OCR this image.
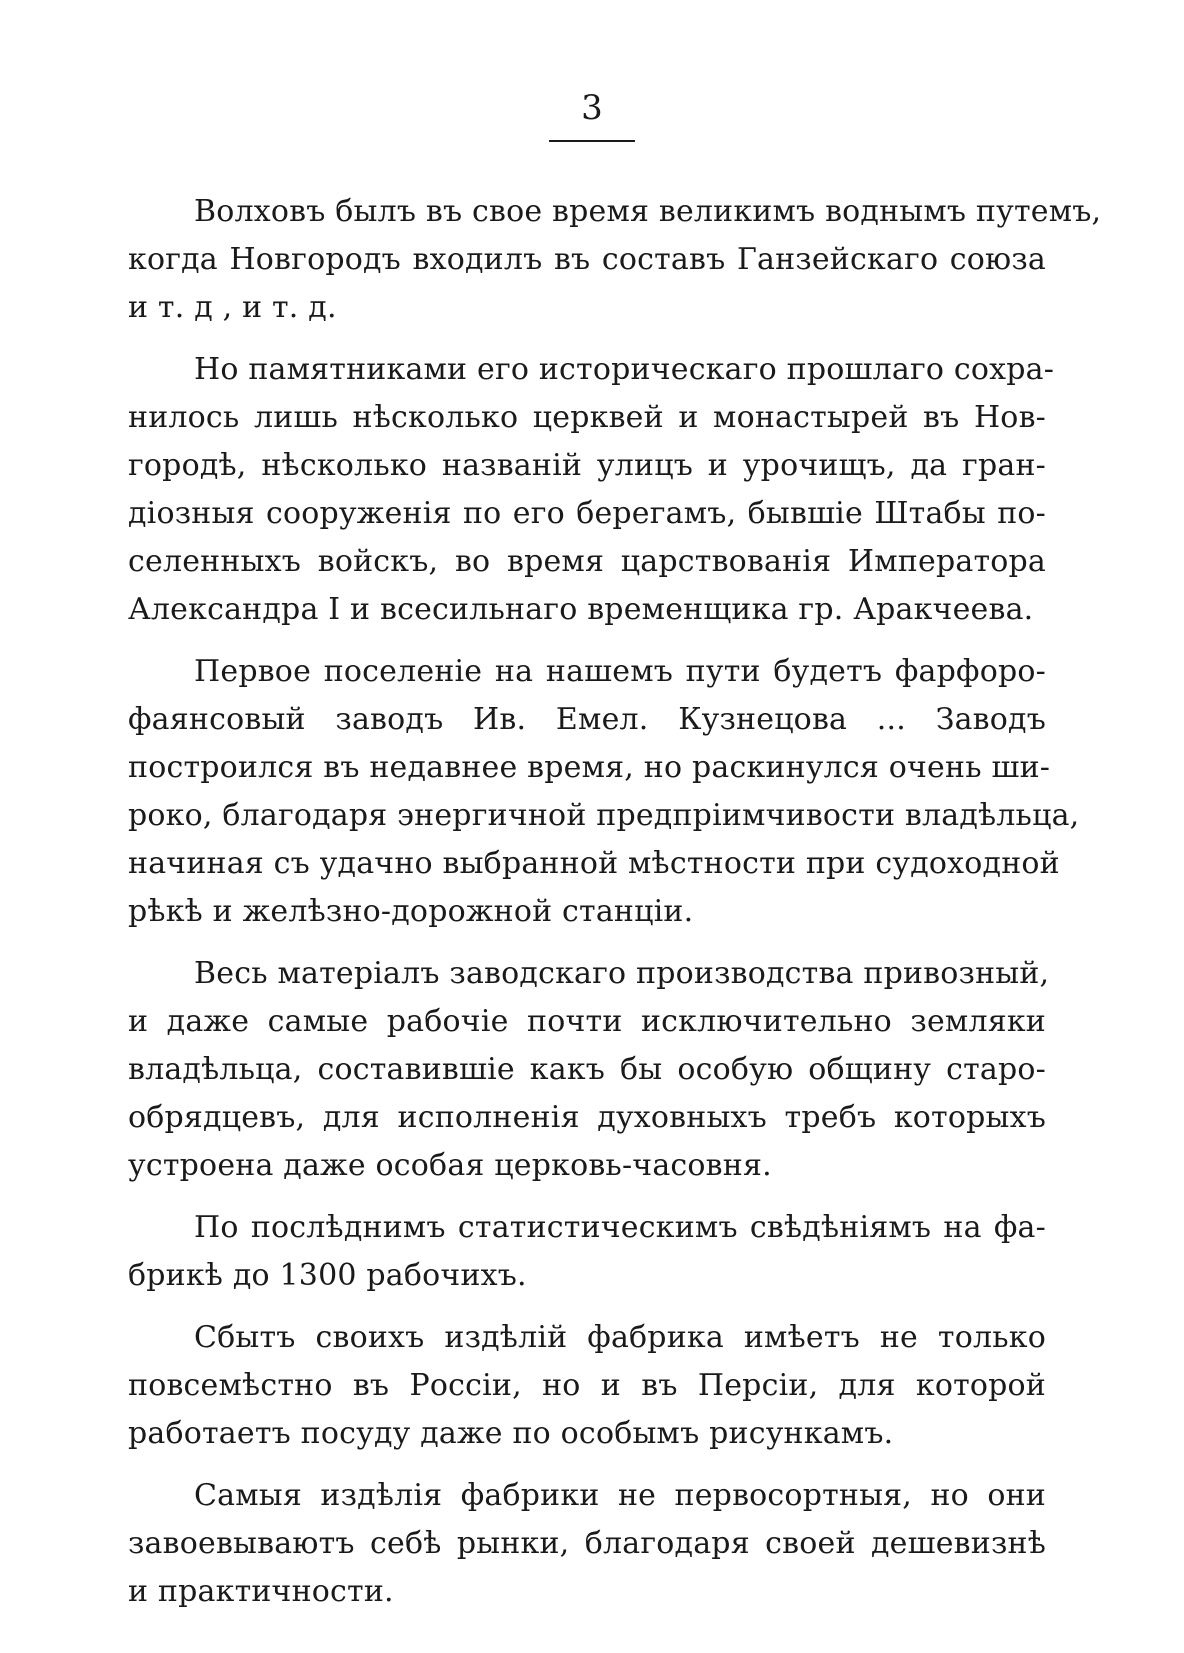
3
Волховъ былъ въ свое время великимъ воднымъ путемъ,
когда Новгородъ входилъ въ составъ Ганзейскаго союза
и т. д , и т. д.
Но памятниками его историческаго прошлаго сохра-
нилось лишь нѣсколько церквей и монастырей въ Нов-
городѣ, нѣсколько названій улицъ и урочищъ, да гран-
діозныя сооруженія по его берегамъ, бывшіе Штабы по-
селенныхъ войскъ, во время царствованія Императора
Александра I и всесильнаго временщика гр. Аракчеева.
Первое поселеніе на нашемъ пути будетъ фарфоро-
фаянсовый заводъ Ив. Емел. Кузнецова ... Заводъ
построился въ недавнее время, но раскинулся очень ши-
роко, благодаря энергичной предпріимчивости владѣльца,
начиная съ удачно выбранной мѣстности при судоходной
рѣкѣ и желѣзно-дорожной станціи.
Весь матеріалъ заводскаго производства привозный,
и даже самые рабочіе почти исключительно земляки
владѣльца, составившіе какъ бы особую общину старо-
обрядцевъ, для исполненія духовныхъ требъ которыхъ
устроена даже особая церковь-часовня.
По послѣднимъ статистическимъ свѣдѣніямъ на фа-
брикѣ до 1300 рабочихъ.
Сбытъ своихъ издѣлій фабрика имѣетъ не только
повсемѣстно въ Россіи, но и въ Персіи, для которой
работаетъ посуду даже по особымъ рисункамъ.
Самыя издѣлія фабрики не первосортныя, но они
завоевываютъ себѣ рынки, благодаря своей дешевизнѣ
и практичности.
